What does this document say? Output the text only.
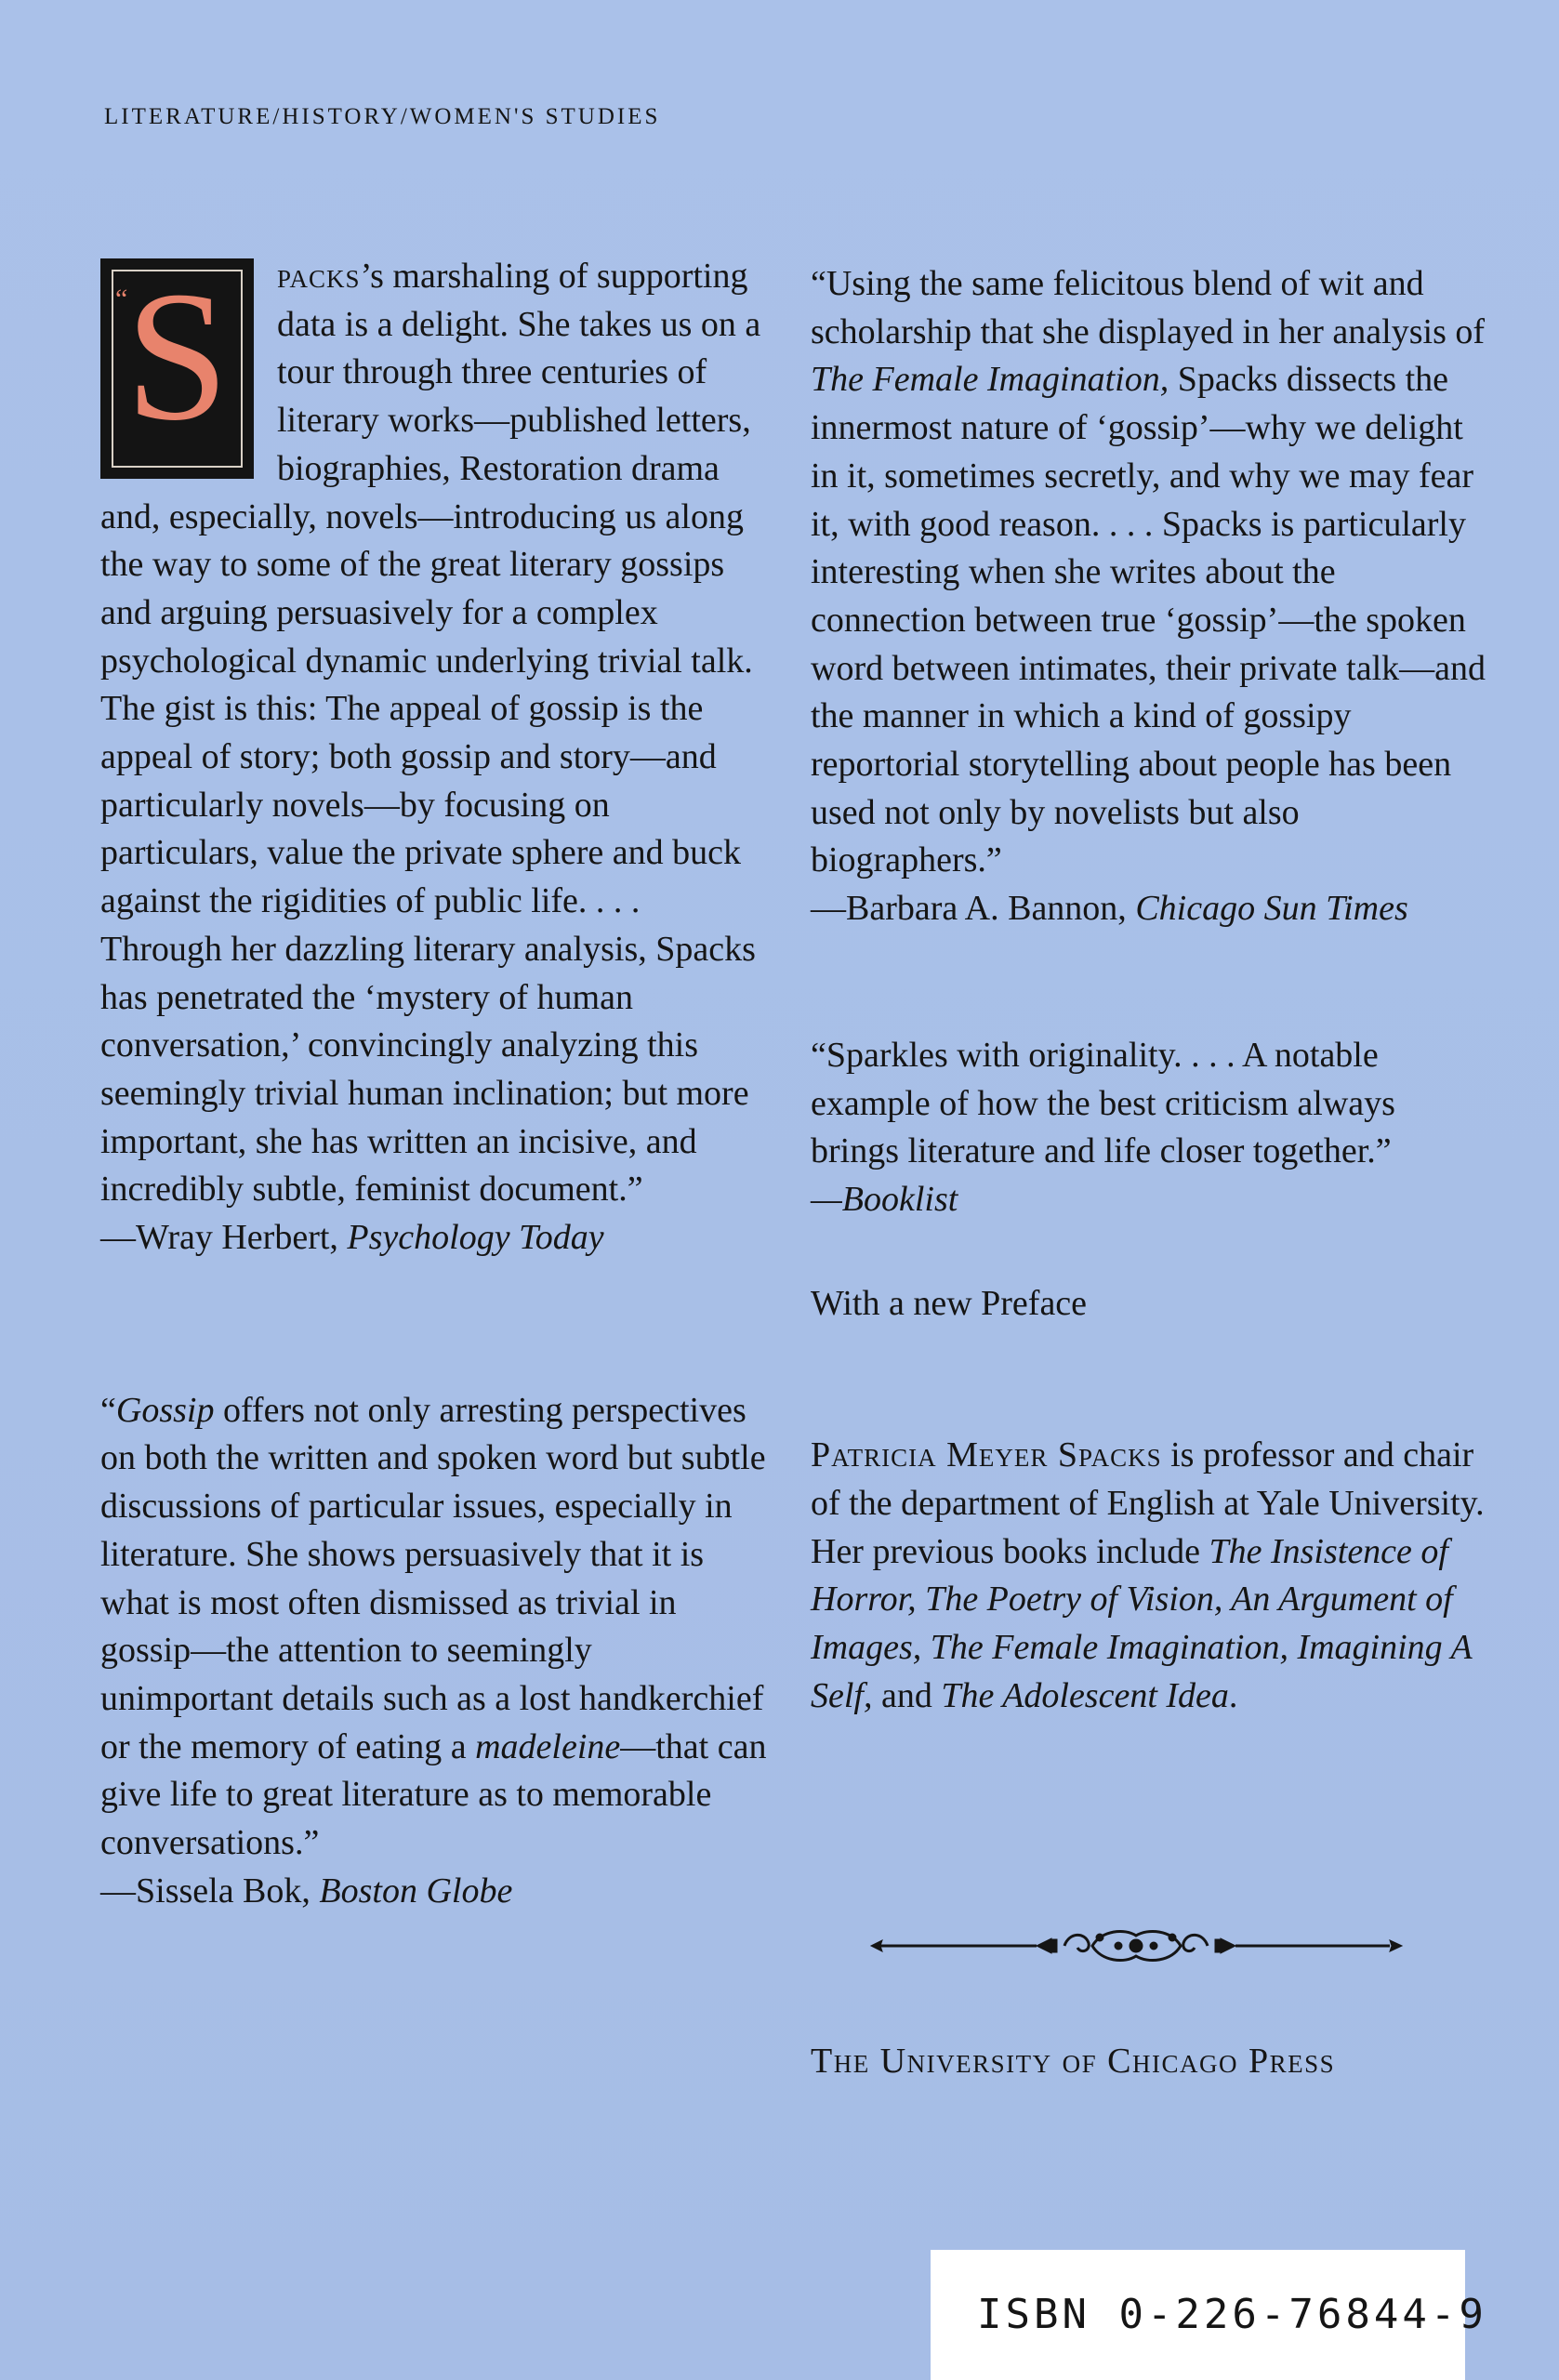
LITERATURE/HISTORY/WOMEN'S STUDIES

“
S	packs’s marshaling of supporting data is a delight. She takes us on a tour through three centuries of literary works—published letters, biographies, Restoration drama and, especially, novels—introducing us along the way to some of the great literary gossips and arguing persuasively for a complex psychological dynamic underlying trivial talk. The gist is this: The appeal of gossip is the appeal of story; both gossip and story—and particularly novels—by focusing on particulars, value the private sphere and buck against the rigidities of public life. . . . Through her dazzling literary analysis, Spacks has penetrated the ‘mystery of human conversation,’ convincingly analyzing this seemingly trivial human inclination; but more important, she has written an incisive, and incredibly subtle, feminist document.”

—Wray Herbert, Psychology Today

“Gossip offers not only arresting perspectives on both the written and spoken word but subtle discussions of particular issues, especially in literature. She shows persuasively that it is what is most often dismissed as trivial in gossip—the attention to seemingly unimportant details such as a lost handkerchief or the memory of eating a madeleine—that can give life to great literature as to memorable conversations.”

—Sissela Bok, Boston Globe

“Using the same felicitous blend of wit and scholarship that she displayed in her analysis of The Female Imagination, Spacks dissects the innermost nature of ‘gossip’—why we delight in it, sometimes secretly, and why we may fear it, with good reason. . . . Spacks is particularly interesting when she writes about the connection between true ‘gossip’—the spoken word between intimates, their private talk—and the manner in which a kind of gossipy reportorial storytelling about people has been used not only by novelists but also biographers.”

—Barbara A. Bannon, Chicago Sun Times

“Sparkles with originality. . . . A notable example of how the best criticism always brings literature and life closer together.”

—Booklist

With a new Preface

Patricia Meyer Spacks is professor and chair of the department of English at Yale University. Her previous books include The Insistence of Horror, The Poetry of Vision, An Argument of Images, The Female Imagination, Imagining A Self, and The Adolescent Idea.

The University of Chicago Press
ISBN 0-226-76844-9
